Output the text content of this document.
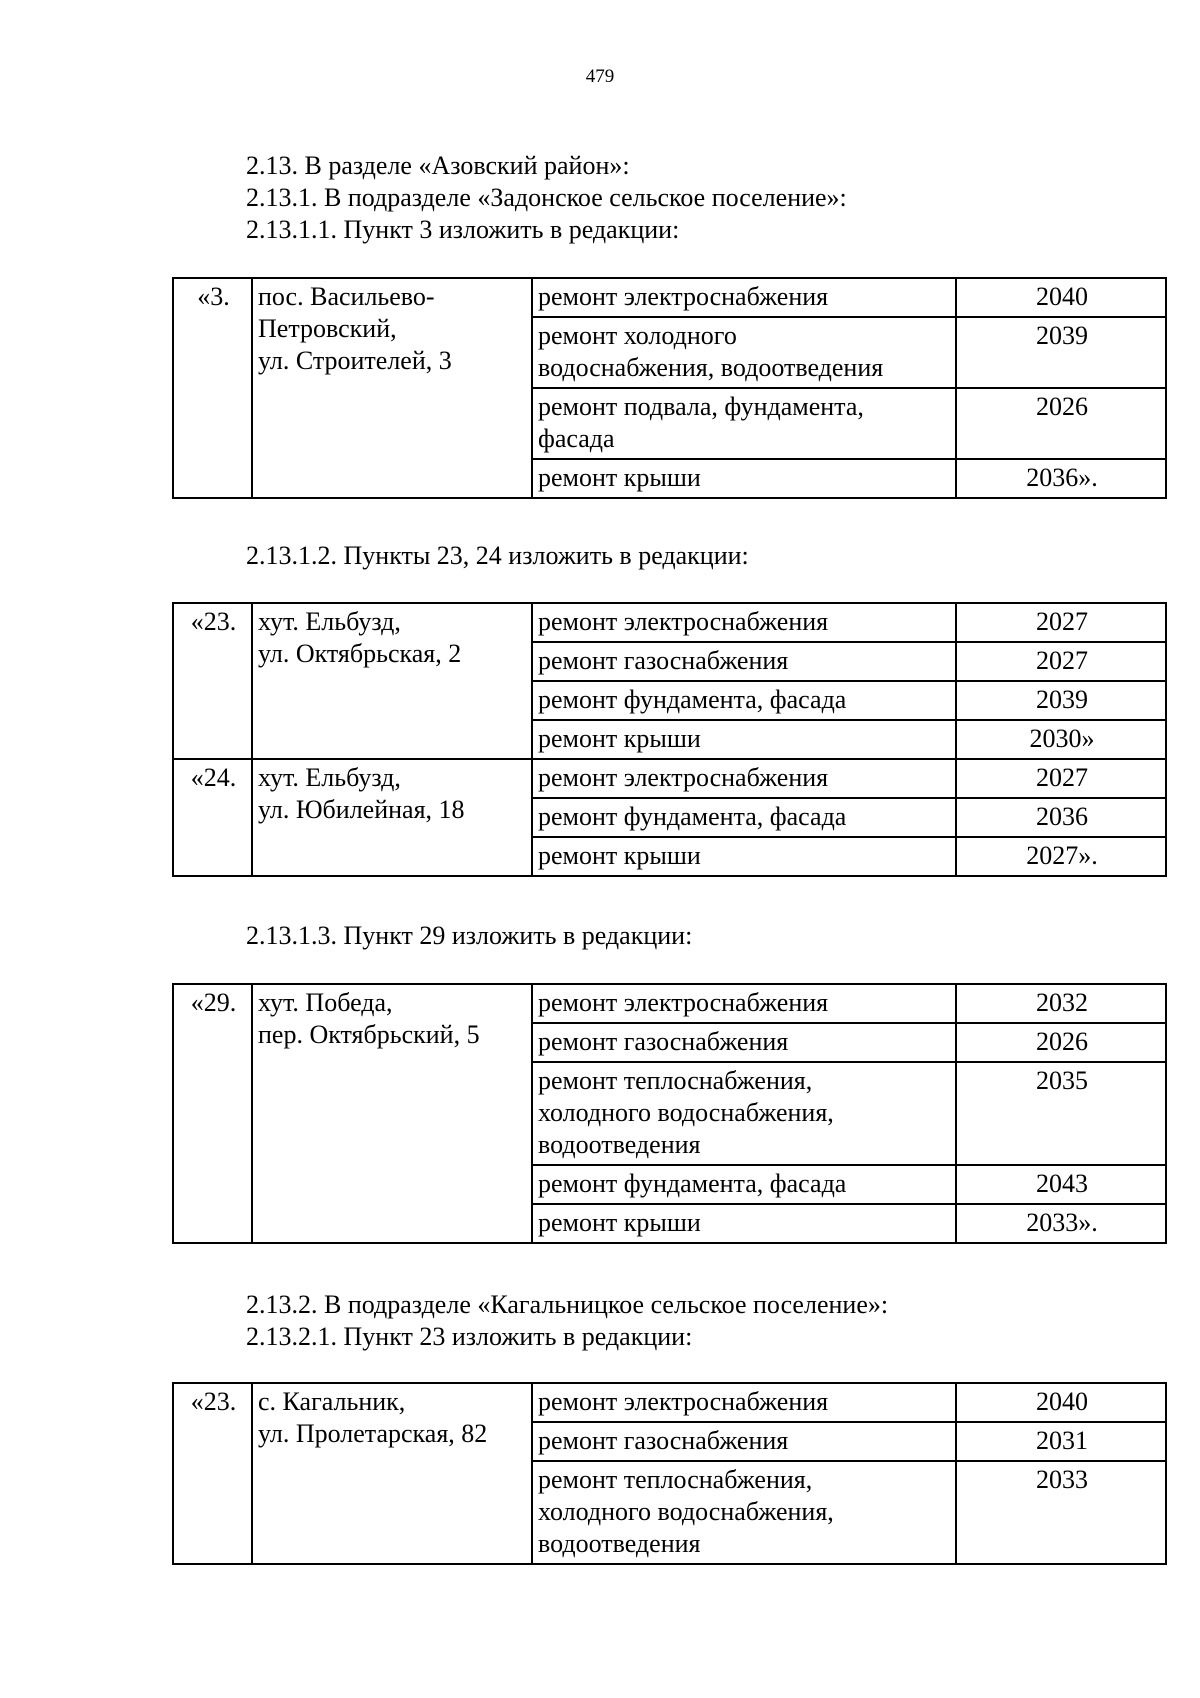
479
2.13. В разделе «Азовский район»:
2.13.1. В подразделе «Задонское сельское поселение»:
2.13.1.1. Пункт 3 изложить в редакции:
«3.	пос. Васильево-
Петровский,
ул. Строителей, 3	ремонт электроснабжения	2040

		ремонт холодного
водоснабжения, водоотведения	2039

		ремонт подвала, фундамента,
фасада	2026

		ремонт крыши	2036».
2.13.1.2. Пункты 23, 24 изложить в редакции:
«23.	хут. Ельбузд,
ул. Октябрьская, 2	ремонт электроснабжения	2027

		ремонт газоснабжения	2027

		ремонт фундамента, фасада	2039

		ремонт крыши	2030»
«24.	хут. Ельбузд,
ул. Юбилейная, 18	ремонт электроснабжения	2027

		ремонт фундамента, фасада	2036

		ремонт крыши	2027».
2.13.1.3. Пункт 29 изложить в редакции:
«29.	хут. Победа,
пер. Октябрьский, 5	ремонт электроснабжения	2032

		ремонт газоснабжения	2026

		ремонт теплоснабжения,
холодного водоснабжения,
водоотведения	2035

		ремонт фундамента, фасада	2043

		ремонт крыши	2033».
2.13.2. В подразделе «Кагальницкое сельское поселение»:
2.13.2.1. Пункт 23 изложить в редакции:
«23.	с. Кагальник,
ул. Пролетарская, 82	ремонт электроснабжения	2040

		ремонт газоснабжения	2031

		ремонт теплоснабжения,
холодного водоснабжения,
водоотведения	2033
